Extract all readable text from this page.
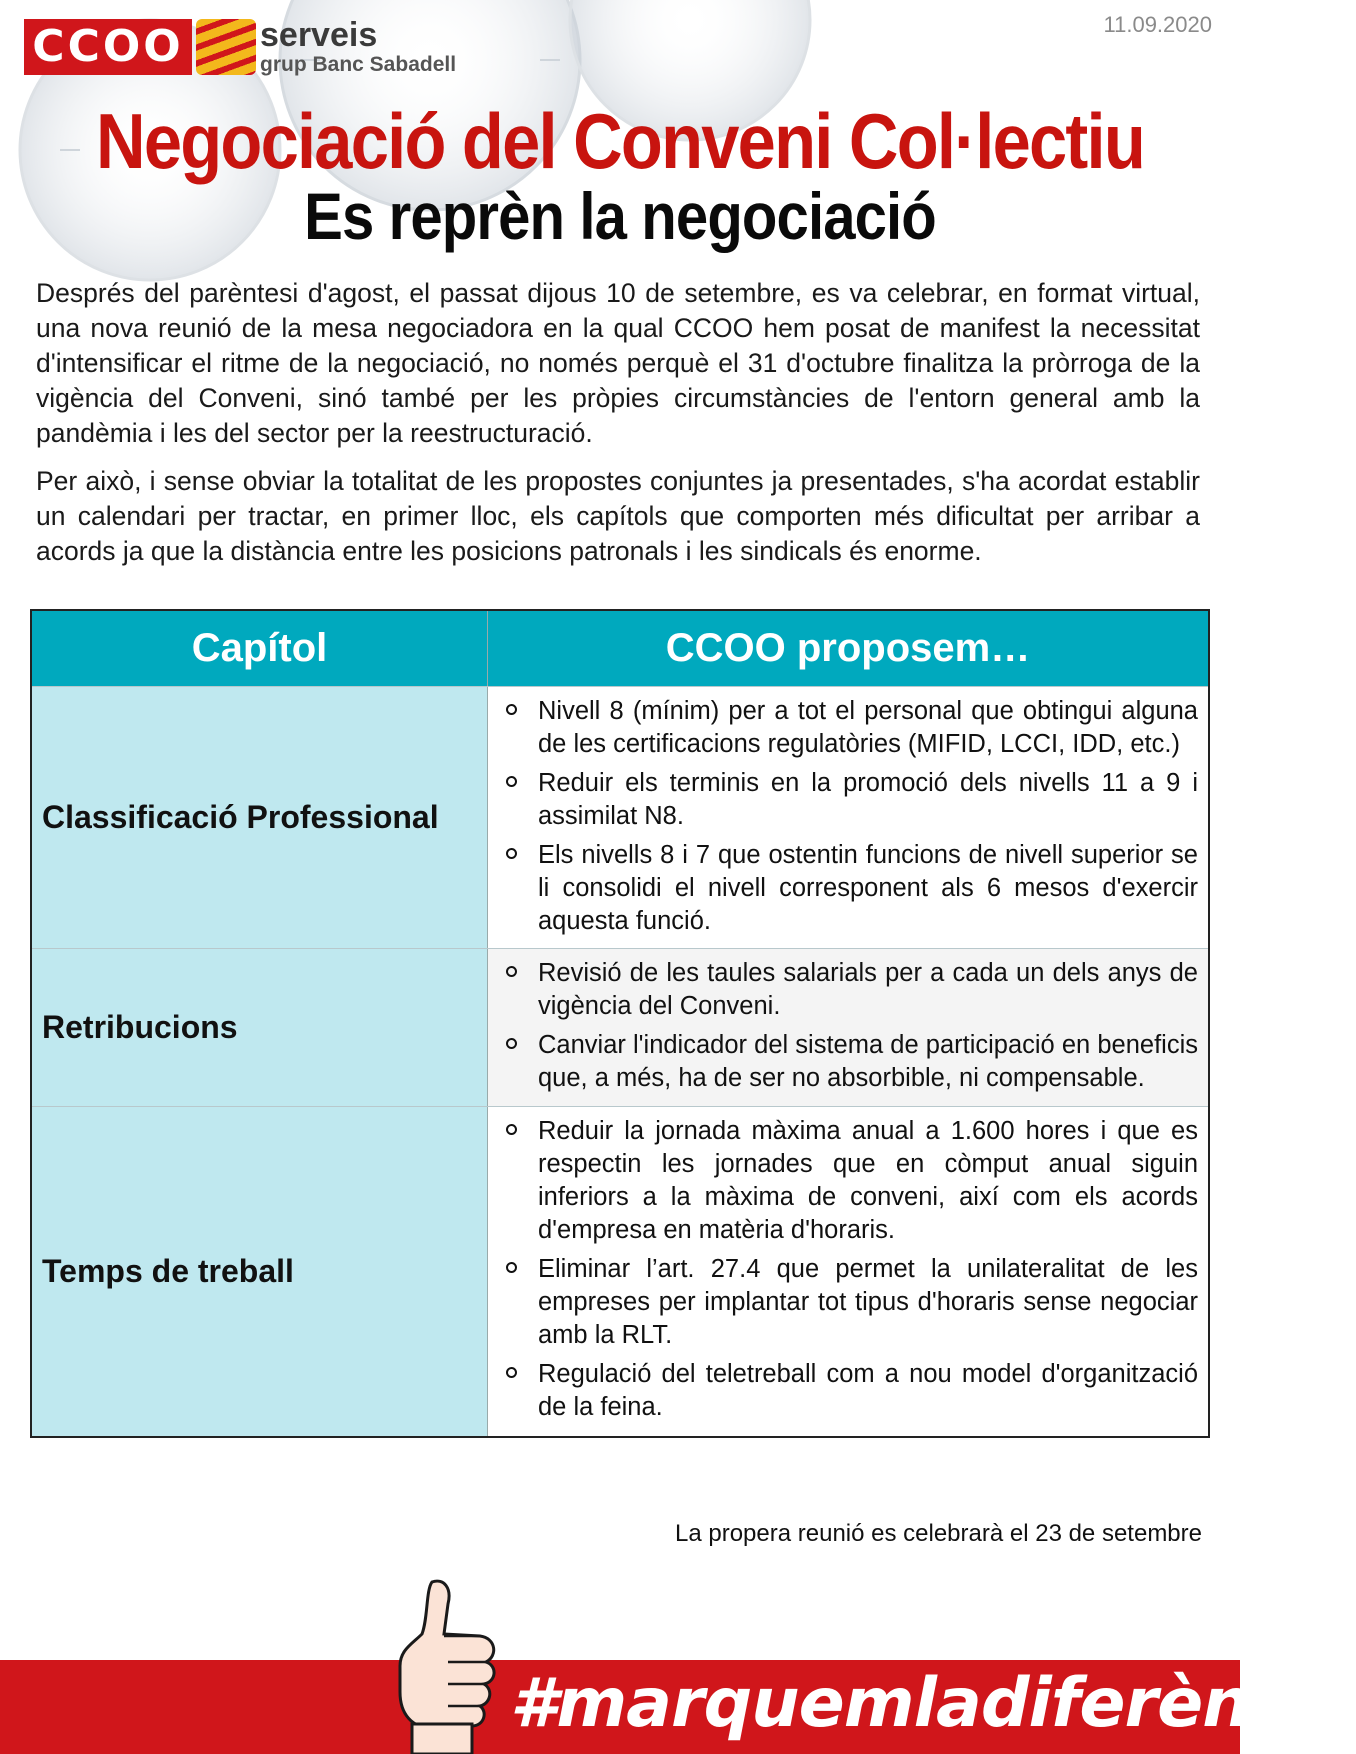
CCOO serveis
grup Banc Sabadell
11.09.2020
Negociació del Conveni Col·lectiu
Es reprèn la negociació

Després del parèntesi d'agost, el passat dijous 10 de setembre, es va celebrar, en format virtual, una nova reunió de la mesa negociadora en la qual CCOO hem posat de manifest la necessitat d'intensificar el ritme de la negociació, no només perquè el 31 d'octubre finalitza la pròrroga de la vigència del Conveni, sinó també per les pròpies circumstàncies de l'entorn general amb la pandèmia i les del sector per la reestructuració.

Per això, i sense obviar la totalitat de les propostes conjuntes ja presentades, s'ha acordat establir un calendari per tractar, en primer lloc, els capítols que comporten més dificultat per arribar a acords ja que la distància entre les posicions patronals i les sindicals és enorme.

Capítol	CCOO proposem…
Classificació Professional
Nivell 8 (mínim) per a tot el personal que obtingui alguna de les certificacions regulatòries (MIFID, LCCI, IDD, etc.)
Reduir els terminis en la promoció dels nivells 11 a 9 i assimilat N8.
Els nivells 8 i 7 que ostentin funcions de nivell superior se li consolidi el nivell corresponent als 6 mesos d'exercir aquesta funció.
Retribucions
Revisió de les taules salarials per a cada un dels anys de vigència del Conveni.
Canviar l'indicador del sistema de participació en beneficis que, a més, ha de ser no absorbible, ni compensable.
Temps de treball
Reduir la jornada màxima anual a 1.600 hores i que es respectin les jornades que en còmput anual siguin inferiors a la màxima de conveni, així com els acords d'empresa en matèria d'horaris.
Eliminar l’art. 27.4 que permet la unilateralitat de les empreses per implantar tot tipus d'horaris sense negociar amb la RLT.
Regulació del teletreball com a nou model d'organització de la feina.
La propera reunió es celebrarà el 23 de setembre
#marquemladiferència
